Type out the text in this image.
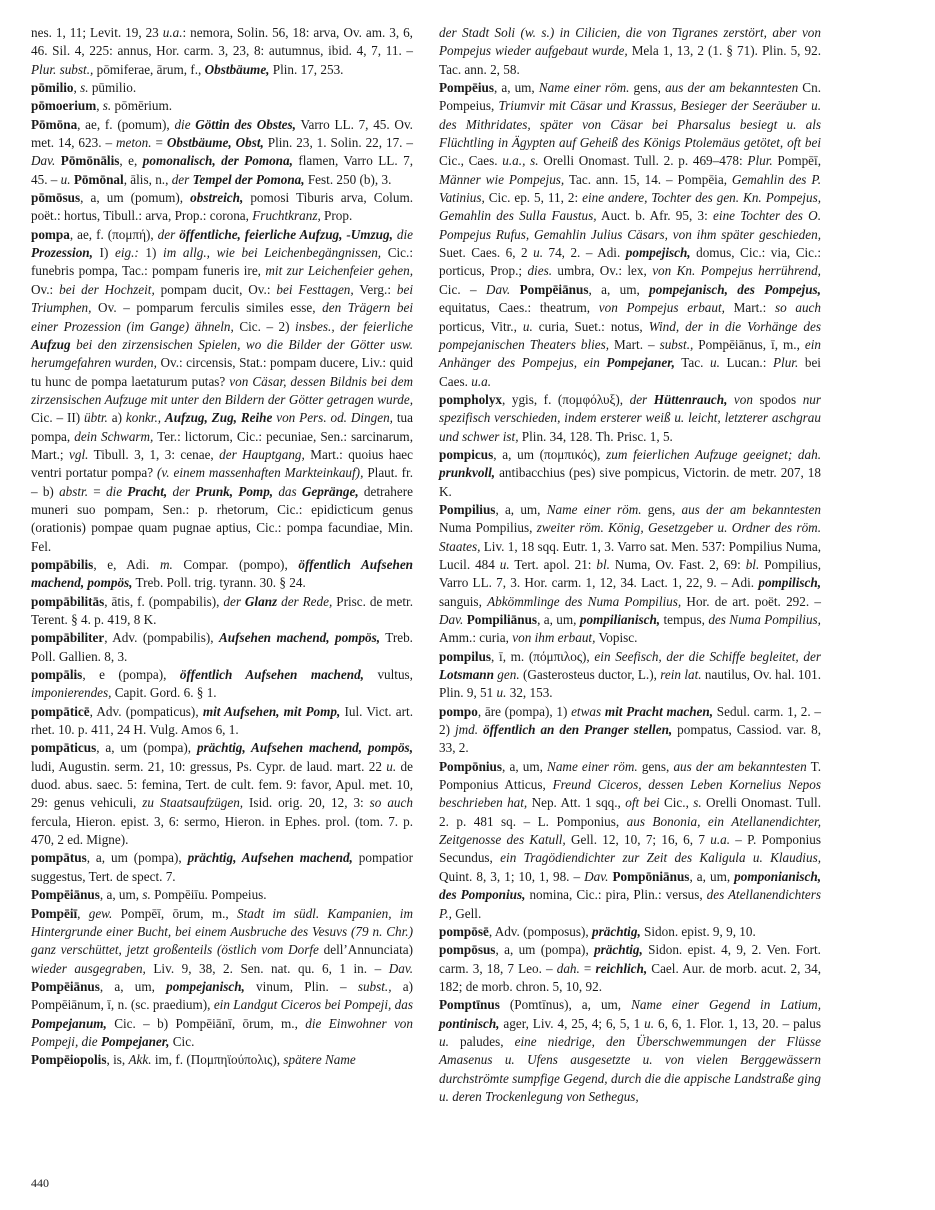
nes. 1, 11; Levit. 19, 23 u.a.: nemora, Solin. 56, 18: arva, Ov. am. 3, 6, 46. Sil. 4, 225: annus, Hor. carm. 3, 23, 8: autumnus, ibid. 4, 7, 11. – Plur. subst., pōmiferae, ārum, f., Obstbäume, Plin. 17, 253.

pōmilio, s. pūmilio.

pōmoerium, s. pōmērium.

Pōmōna, ae, f. (pomum), die Göttin des Obstes, Varro LL. 7, 45. Ov. met. 14, 623. – meton. = Obstbäume, Obst, Plin. 23, 1. Solin. 22, 17. – Dav. Pōmōnālis, e, pomonalisch, der Pomona, flamen, Varro LL. 7, 45. – u. Pōmōnal, ālis, n., der Tempel der Pomona, Fest. 250 (b), 3.

pōmōsus, a, um (pomum), obstreich, pomosi Tiburis arva, Colum. poët.: hortus, Tibull.: arva, Prop.: corona, Fruchtkranz, Prop.

pompa, ae, f. (πομπή), der öffentliche, feierliche Aufzug, -Umzug, die Prozession, I) eig.: 1) im allg., wie bei Leichenbegängnissen, Cic.: funebris pompa, Tac.: pompam funeris ire, mit zur Leichenfeier gehen, Ov.: bei der Hochzeit, pompam ducit, Ov.: bei Festtagen, Verg.: bei Triumphen, Ov. – pomparum ferculis similes esse, den Trägern bei einer Prozession (im Gange) ähneln, Cic. – 2) insbes., der feierliche Aufzug bei den zirzensischen Spielen, wo die Bilder der Götter usw. herumgefahren wurden, Ov.: circensis, Stat.: pompam ducere, Liv.: quid tu hunc de pompa laetaturum putas? von Cäsar, dessen Bildnis bei dem zirzensischen Aufzuge mit unter den Bildern der Götter getragen wurde, Cic. – II) übtr. a) konkr., Aufzug, Zug, Reihe von Pers. od. Dingen, tua pompa, dein Schwarm, Ter.: lictorum, Cic.: pecuniae, Sen.: sarcinarum, Mart.; vgl. Tibull. 3, 1, 3: cenae, der Hauptgang, Mart.: quoius haec ventri portatur pompa? (v. einem massenhaften Markteinkauf), Plaut. fr. – b) abstr. = die Pracht, der Prunk, Pomp, das Gepränge, detrahere muneri suo pompam, Sen.: p. rhetorum, Cic.: epidicticum genus (orationis) pompae quam pugnae aptius, Cic.: pompa facundiae, Min. Fel.

pompābilis, e, Adi. m. Compar. (pompo), öffentlich Aufsehen machend, pompös, Treb. Poll. trig. tyrann. 30. § 24.

pompābilitās, ātis, f. (pompabilis), der Glanz der Rede, Prisc. de metr. Terent. § 4. p. 419, 8 K.

pompābiliter, Adv. (pompabilis), Aufsehen machend, pompös, Treb. Poll. Gallien. 8, 3.

pompālis, e (pompa), öffentlich Aufsehen machend, vultus, imponierendes, Capit. Gord. 6. § 1.

pompāticē, Adv. (pompaticus), mit Aufsehen, mit Pomp, Iul. Vict. art. rhet. 10. p. 411, 24 H. Vulg. Amos 6, 1.

pompāticus, a, um (pompa), prächtig, Aufsehen machend, pompös, ludi, Augustin. serm. 21, 10: gressus, Ps. Cypr. de laud. mart. 22 u. de duod. abus. saec. 5: femina, Tert. de cult. fem. 9: favor, Apul. met. 10, 29: genus vehiculi, zu Staatsaufzügen, Isid. orig. 20, 12, 3: so auch fercula, Hieron. epist. 3, 6: sermo, Hieron. in Ephes. prol. (tom. 7. p. 470, 2 ed. Migne).

pompātus, a, um (pompa), prächtig, Aufsehen machend, pompatior suggestus, Tert. de spect. 7.

Pompēiānus, a, um, s. Pompēiīu. Pompeius.

Pompēiī, gew. Pompēī, ōrum, m., Stadt im südl. Kampanien, im Hintergrunde einer Bucht, bei einem Ausbruche des Vesuvs (79 n. Chr.) ganz verschüttet, jetzt großenteils (östlich vom Dorfe dell’Annunciata) wieder ausgegraben, Liv. 9, 38, 2. Sen. nat. qu. 6, 1 in. – Dav. Pompēiānus, a, um, pompejanisch, vinum, Plin. – subst., a) Pompēiānum, ī, n. (sc. praedium), ein Landgut Ciceros bei Pompeji, das Pompejanum, Cic. – b) Pompēiānī, ōrum, m., die Einwohner von Pompeji, die Pompejaner, Cic.

Pompēiopolis, is, Akk. im, f. (Πομπηϊούπολις), spätere Name

der Stadt Soli (w. s.) in Cilicien, die von Tigranes zerstört, aber von Pompejus wieder aufgebaut wurde, Mela 1, 13, 2 (1. § 71). Plin. 5, 92. Tac. ann. 2, 58.

Pompēius, a, um, Name einer röm. gens, aus der am bekanntesten Cn. Pompeius, Triumvir mit Cäsar und Krassus, Besieger der Seeräuber u. des Mithridates, später von Cäsar bei Pharsalus besiegt u. als Flüchtling in Ägypten auf Geheiß des Königs Ptolemäus getötet, oft bei Cic., Caes. u.a., s. Orelli Onomast. Tull. 2. p. 469–478: Plur. Pompēī, Männer wie Pompejus, Tac. ann. 15, 14. – Pompēia, Gemahlin des P. Vatinius, Cic. ep. 5, 11, 2: eine andere, Tochter des gen. Kn. Pompejus, Gemahlin des Sulla Faustus, Auct. b. Afr. 95, 3: eine Tochter des O. Pompejus Rufus, Gemahlin Julius Cäsars, von ihm später geschieden, Suet. Caes. 6, 2 u. 74, 2. – Adi. pompejisch, domus, Cic.: via, Cic.: porticus, Prop.; dies. umbra, Ov.: lex, von Kn. Pompejus herrührend, Cic. – Dav. Pompēiānus, a, um, pompejanisch, des Pompejus, equitatus, Caes.: theatrum, von Pompejus erbaut, Mart.: so auch porticus, Vitr., u. curia, Suet.: notus, Wind, der in die Vorhänge des pompejanischen Theaters blies, Mart. – subst., Pompēiānus, ī, m., ein Anhänger des Pompejus, ein Pompejaner, Tac. u. Lucan.: Plur. bei Caes. u.a.

pompholyx, ygis, f. (πομφόλυξ), der Hüttenrauch, von spodos nur spezifisch verschieden, indem ersterer weiß u. leicht, letzterer aschgrau und schwer ist, Plin. 34, 128. Th. Prisc. 1, 5.

pompicus, a, um (πομπικός), zum feierlichen Aufzuge geeignet; dah. prunkvoll, antibacchius (pes) sive pompicus, Victorin. de metr. 207, 18 K.

Pompilius, a, um, Name einer röm. gens, aus der am bekanntesten Numa Pompilius, zweiter röm. König, Gesetzgeber u. Ordner des röm. Staates, Liv. 1, 18 sqq. Eutr. 1, 3. Varro sat. Men. 537: Pompilius Numa, Lucil. 484 u. Tert. apol. 21: bl. Numa, Ov. Fast. 2, 69: bl. Pompilius, Varro LL. 7, 3. Hor. carm. 1, 12, 34. Lact. 1, 22, 9. – Adi. pompilisch, sanguis, Abkömmlinge des Numa Pompilius, Hor. de art. poët. 292. – Dav. Pompiliānus, a, um, pompilianisch, tempus, des Numa Pompilius, Amm.: curia, von ihm erbaut, Vopisc.

pompilus, ī, m. (πόμπιλος), ein Seefisch, der die Schiffe begleitet, der Lotsmann gen. (Gasterosteus ductor, L.), rein lat. nautilus, Ov. hal. 101. Plin. 9, 51 u. 32, 153.

pompo, āre (pompa), 1) etwas mit Pracht machen, Sedul. carm. 1, 2. – 2) jmd. öffentlich an den Pranger stellen, pompatus, Cassiod. var. 8, 33, 2.

Pompōnius, a, um, Name einer röm. gens, aus der am bekanntesten T. Pomponius Atticus, Freund Ciceros, dessen Leben Kornelius Nepos beschrieben hat, Nep. Att. 1 sqq., oft bei Cic., s. Orelli Onomast. Tull. 2. p. 481 sq. – L. Pomponius, aus Bononia, ein Atellanendichter, Zeitgenosse des Katull, Gell. 12, 10, 7; 16, 6, 7 u.a. – P. Pomponius Secundus, ein Tragödiendichter zur Zeit des Kaligula u. Klaudius, Quint. 8, 3, 1; 10, 1, 98. – Dav. Pompōniānus, a, um, pomponianisch, des Pomponius, nomina, Cic.: pira, Plin.: versus, des Atellanendichters P., Gell.

pompōsē, Adv. (pomposus), prächtig, Sidon. epist. 9, 9, 10.

pompōsus, a, um (pompa), prächtig, Sidon. epist. 4, 9, 2. Ven. Fort. carm. 3, 18, 7 Leo. – dah. = reichlich, Cael. Aur. de morb. acut. 2, 34, 182; de morb. chron. 5, 10, 92.

Pomptīnus (Pomtīnus), a, um, Name einer Gegend in Latium, pontinisch, ager, Liv. 4, 25, 4; 6, 5, 1 u. 6, 6, 1. Flor. 1, 13, 20. – palus u. paludes, eine niedrige, den Überschwemmungen der Flüsse Amasenus u. Ufens ausgesetzte u. von vielen Berggewässern durchströmte sumpfige Gegend, durch die die appische Landstraße ging u. deren Trockenlegung von Sethegus,

440
